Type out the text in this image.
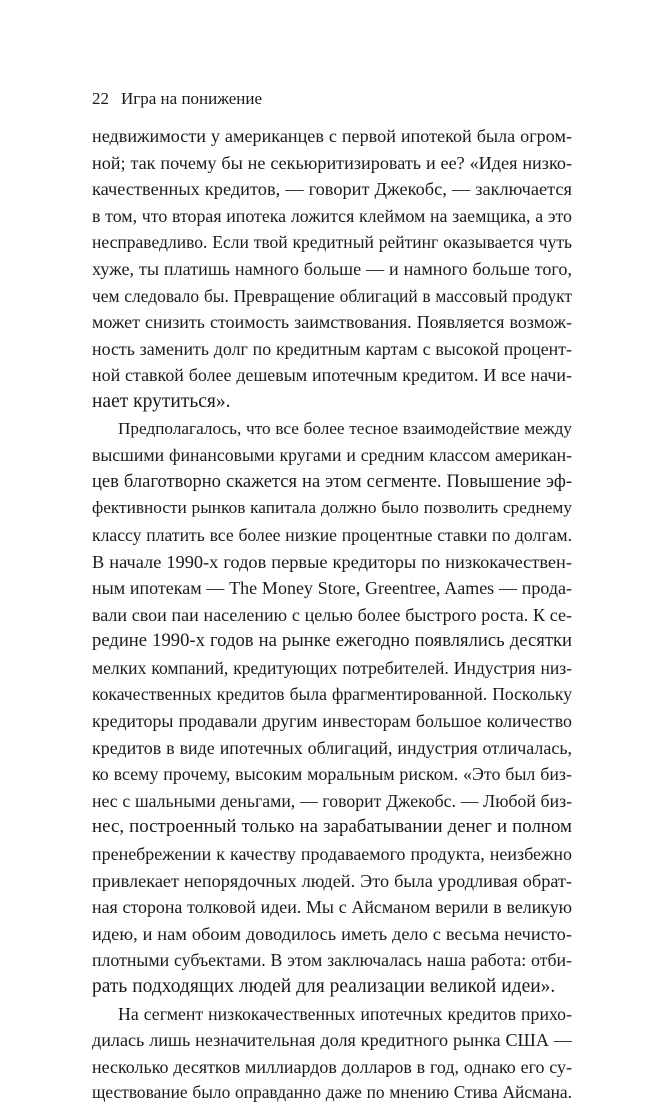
22 Игра на понижение
недвижимости у американцев с первой ипотекой была огром-
ной; так почему бы не секьюритизировать и ее? «Идея низко-
качественных кредитов, — говорит Джекобс, — заключается
в том, что вторая ипотека ложится клеймом на заемщика, а это
несправедливо. Если твой кредитный рейтинг оказывается чуть
хуже, ты платишь намного больше — и намного больше того,
чем следовало бы. Превращение облигаций в массовый продукт
может снизить стоимость заимствования. Появляется возмож-
ность заменить долг по кредитным картам с высокой процент-
ной ставкой более дешевым ипотечным кредитом. И все начи-
нает крутиться».
Предполагалось, что все более тесное взаимодействие между
высшими финансовыми кругами и средним классом американ-
цев благотворно скажется на этом сегменте. Повышение эф-
фективности рынков капитала должно было позволить среднему
классу платить все более низкие процентные ставки по долгам.
В начале 1990-х годов первые кредиторы по низкокачествен-
ным ипотекам — The Money Store, Greentree, Aames — прода-
вали свои паи населению с целью более быстрого роста. К се-
редине 1990-х годов на рынке ежегодно появлялись десятки
мелких компаний, кредитующих потребителей. Индустрия низ-
кокачественных кредитов была фрагментированной. Поскольку
кредиторы продавали другим инвесторам большое количество
кредитов в виде ипотечных облигаций, индустрия отличалась,
ко всему прочему, высоким моральным риском. «Это был биз-
нес с шальными деньгами, — говорит Джекобс. — Любой биз-
нес, построенный только на зарабатывании денег и полном
пренебрежении к качеству продаваемого продукта, неизбежно
привлекает непорядочных людей. Это была уродливая обрат-
ная сторона толковой идеи. Мы с Айсманом верили в великую
идею, и нам обоим доводилось иметь дело с весьма нечисто-
плотными субъектами. В этом заключалась наша работа: отби-
рать подходящих людей для реализации великой идеи».
На сегмент низкокачественных ипотечных кредитов прихо-
дилась лишь незначительная доля кредитного рынка США —
несколько десятков миллиардов долларов в год, однако его су-
ществование было оправданно даже по мнению Стива Айсмана.
